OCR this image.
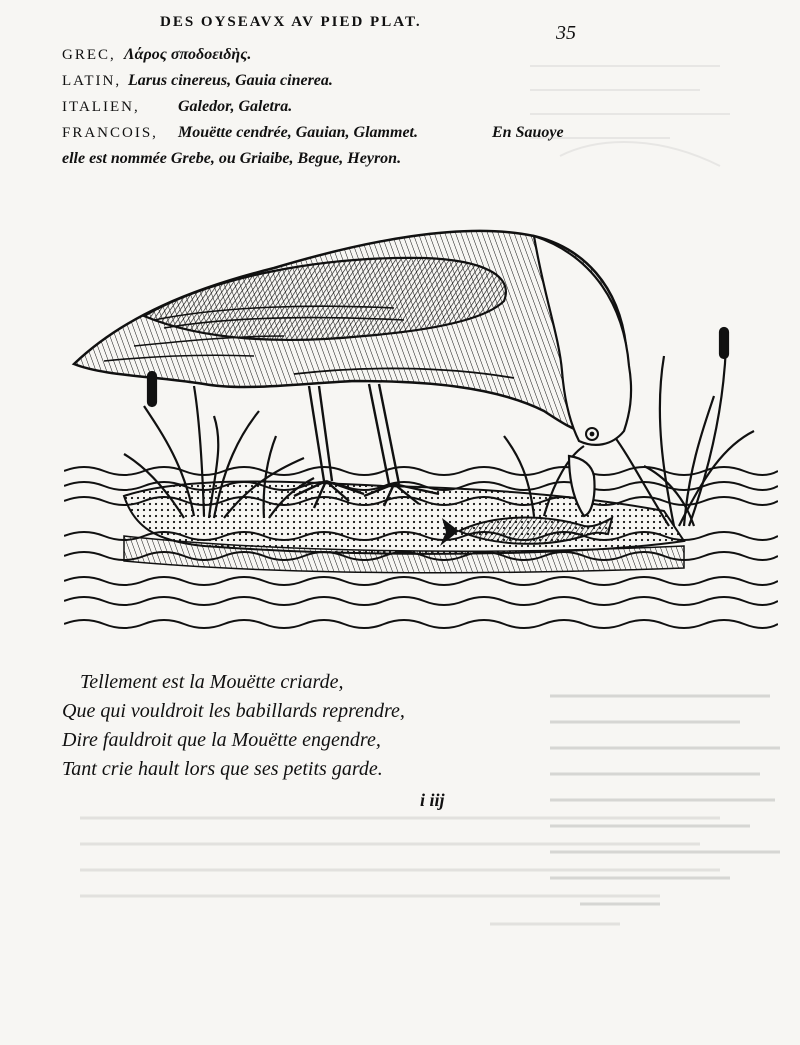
DES OYSEAVX AV PIED PLAT.	35
GREC, Λάρος σποδοειδὴς.
LATIN, Larus cinereus, Gauia cinerea.
ITALIEN, Galedor, Galetra.
FRANCOIS, Mouëtte cendrée, Gauian, Glammet.	En Sauoye
elle est nommée Grebe, ou Griaibe, Begue, Heyron.
Tellement est la Mouëtte criarde,
Que qui vouldroit les babillards reprendre,
Dire fauldroit que la Mouëtte engendre,
Tant crie hault lors que ses petits garde.
i iij
